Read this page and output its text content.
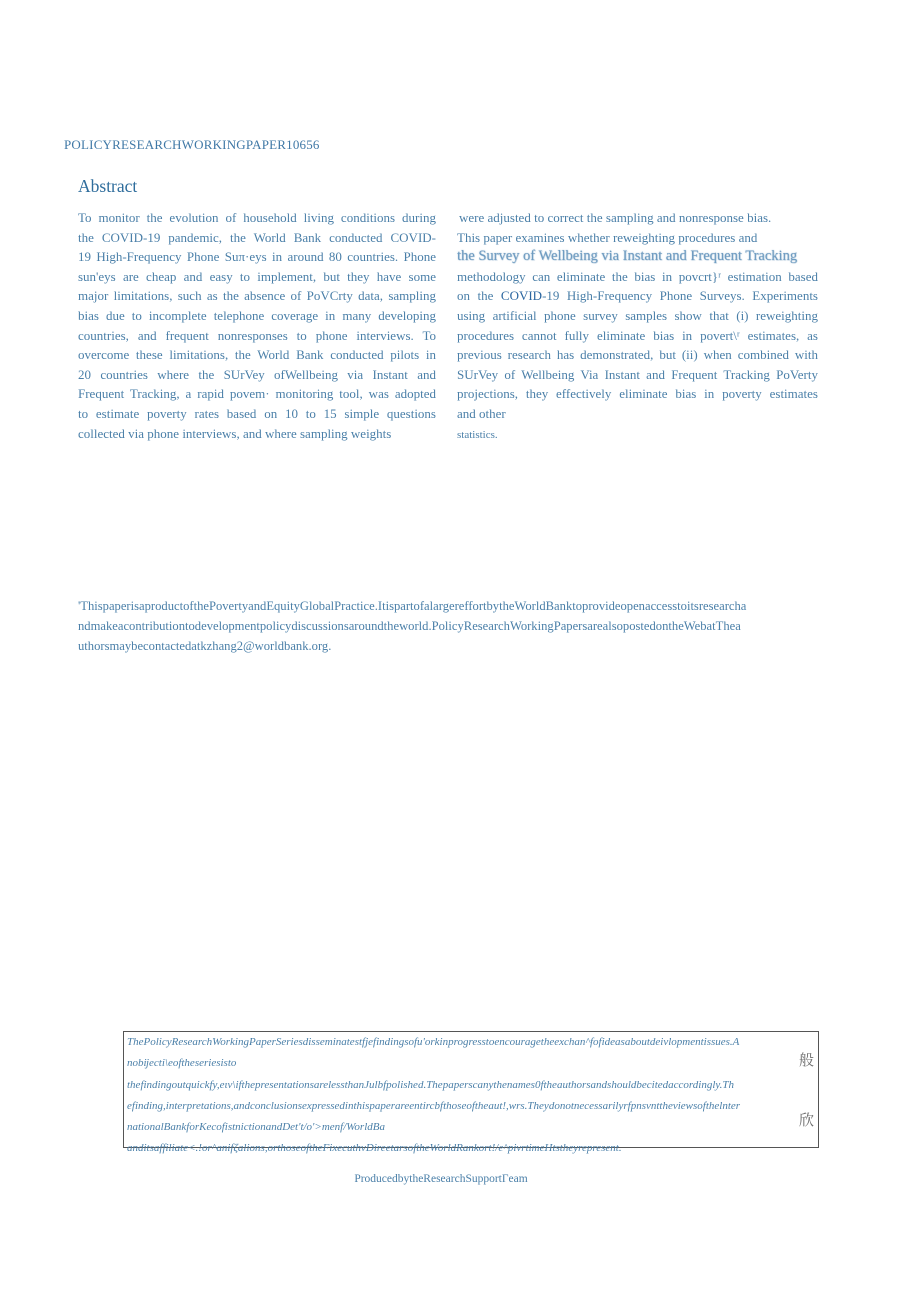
POLICYRESEARCHWORKINGPAPER10656
Abstract
To monitor the evolution of household living conditions during
the COVID-19 pandemic, the World Bank conducted COVID-
19 High-Frequency Phone Suπ·eys in around 80 countries. Phone
sun'eys are cheap and easy to implement, but they have some
major limitations, such as the absence of PoVCrty data, sampling
bias due to incomplete telephone coverage in many developing
countries, and frequent nonresponses to phone interviews. To
overcome these limitations, the World Bank conducted pilots in
20 countries where the SUrVey ofWellbeing via Instant and
Frequent Tracking, a rapid povem· monitoring tool, was adopted
to estimate poverty rates based on 10 to 15 simple questions
collected via phone interviews, and where sampling weights
were adjusted to correct the sampling and nonresponse bias.
This paper examines whether reweighting procedures and
the Survey of Wellbeing via Instant and Frequent Tracking
methodology can eliminate the bias in povcrt}ʳ estimation based
on the COVID-19 High-Frequency Phone Surveys. Experiments
using artificial phone survey samples show that (i) reweighting
procedures cannot fully eliminate bias in povert\ʳ estimates, as
previous research has demonstrated, but (ii) when combined with
SUrVey of Wellbeing Via Instant and Frequent Tracking PoVerty
projections, they effectively eliminate bias in poverty estimates
and other
statistics.
'ThispaperisaproductofthePovertyandEquityGlobalPractice.ItispartofalargereffortbytheWorldBanktoprovideopenaccesstoitsresearcha
ndmakeacontributiontodevelopmentpolicydiscussionsaroundtheworld.PolicyResearchWorkingPapersarealsopostedontheWebatThea
uthorsmaybecontactedatkzhang2@worldbank.org.
ThePolicyResearchWorkingPaperSeriesdisseminatestfjefindingsofu'orkinprogresstoencouragetheexchan^fofideasaboutdeivlopmentissues.A
nobĳecti\eoftheseriesisto
thefindingoutquickfy,eιv\ifthepresentationsarelessthanJulbfpolished.Thepaperscanythenames0ftheauthorsandshouldbecitedaccordingly.Th
efinding,interpretations,andconclusionsexpressedinthispaperareentircbfthoseoftheaut!,wrs.Theydonotnecessarilyrfpnsvnttheviewsofthelnter
nationalBankforKecofistnictionandDet't/o'>menf/WorldBa
anditsaffiliate<.!or^anifζalions,orthoseoftheFixecuthvDireetarsoftheWorldRankort!/e^pivrtimeHtstheyrepresent.
般
欣
ProducedbytheResearchSupportΓeam
